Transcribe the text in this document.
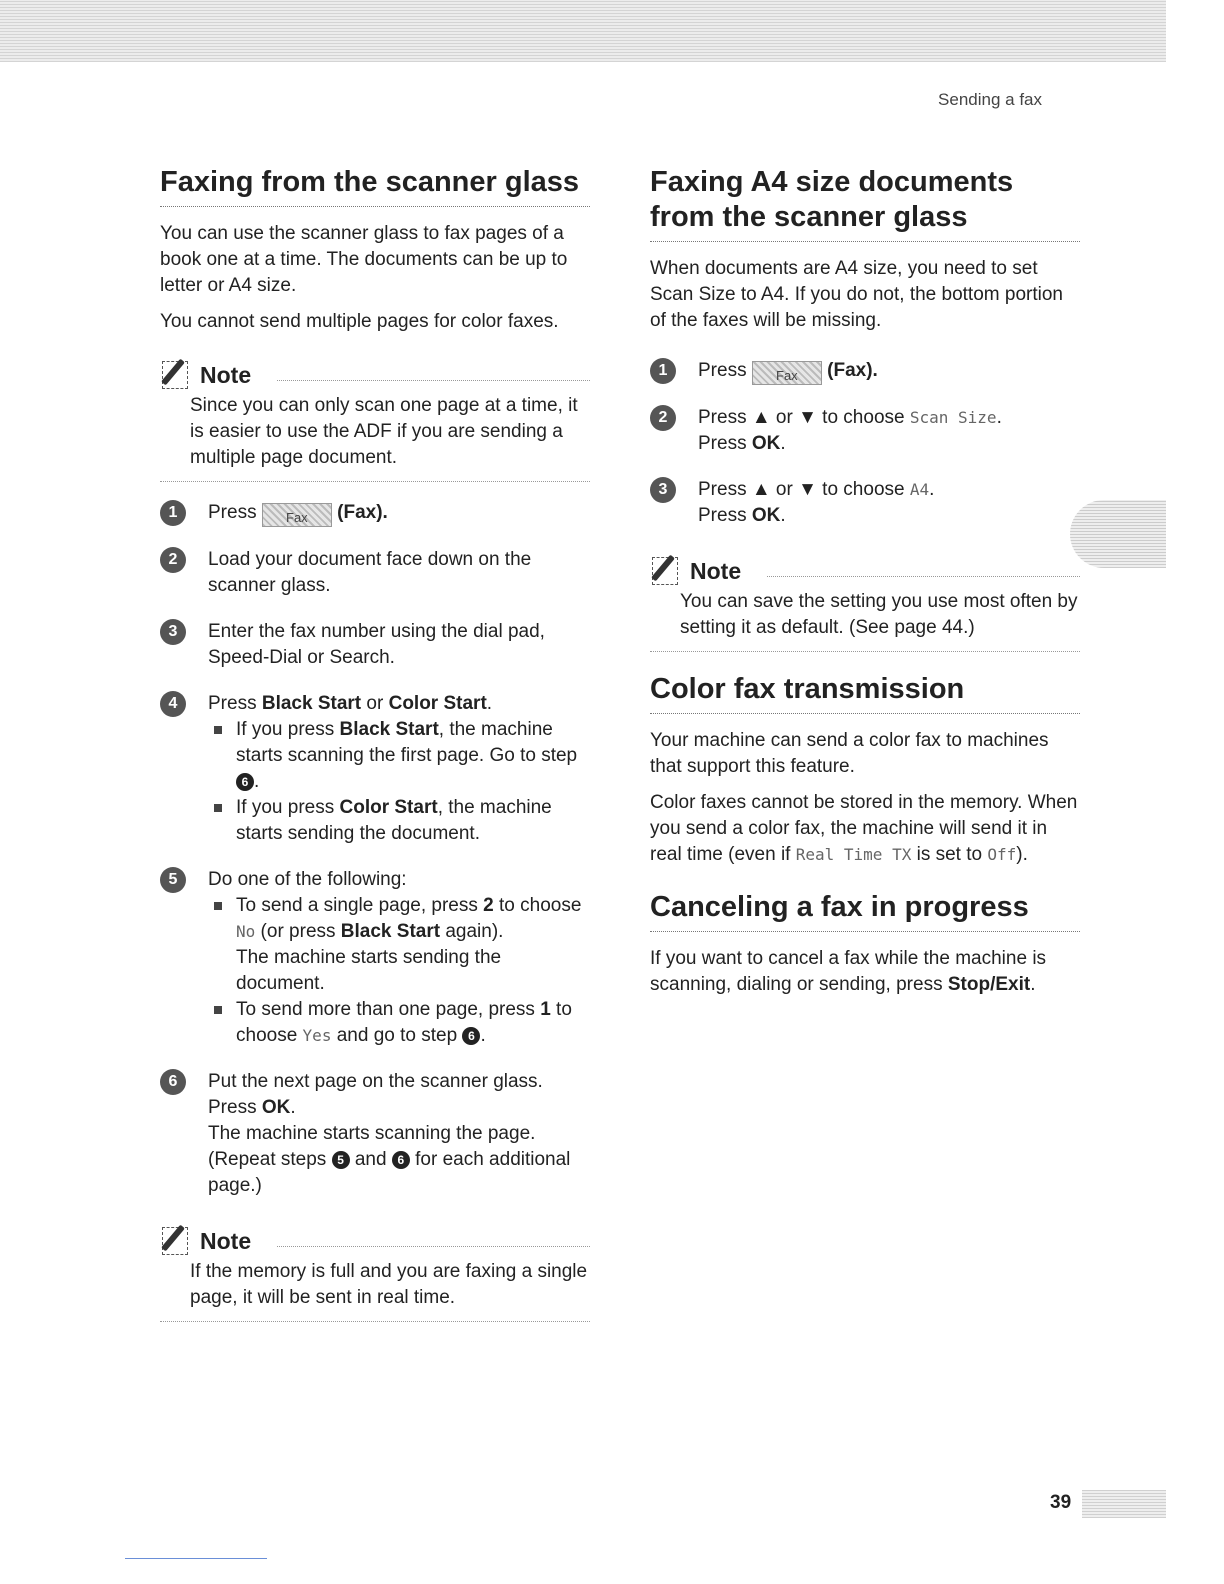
Sending a fax
Faxing from the scanner glass

You can use the scanner glass to fax pages of a book one at a time. The documents can be up to letter or A4 size.

You cannot send multiple pages for color faxes.

Note
Since you can only scan one page at a time, it is easier to use the ADF if you are sending a multiple page document.
1	Press Fax (Fax).
2	Load your document face down on the scanner glass.
3	Enter the fax number using the dial pad, Speed-Dial or Search.
4	Press Black Start or Color Start.
If you press Black Start, the machine starts scanning the first page. Go to step 6 .
If you press Color Start, the machine starts sending the document.
5	Do one of the following:
To send a single page, press 2 to choose No (or press Black Start again).
The machine starts sending the document.
To send more than one page, press 1 to choose Yes and go to step 6 .
6	Put the next page on the scanner glass.
Press OK.
The machine starts scanning the page.
(Repeat steps 5 and 6 for each additional page.)
Note
If the memory is full and you are faxing a single page, it will be sent in real time.
Faxing A4 size documents from the scanner glass

When documents are A4 size, you need to set Scan Size to A4. If you do not, the bottom portion of the faxes will be missing.

1	Press Fax (Fax).
2	Press ▲ or ▼ to choose Scan Size.
Press OK.
3	Press ▲ or ▼ to choose A4.
Press OK.
Note
You can save the setting you use most often by setting it as default. (See page 44.)
Color fax transmission

Your machine can send a color fax to machines that support this feature.

Color faxes cannot be stored in the memory. When you send a color fax, the machine will send it in real time (even if Real Time TX is set to Off).

Canceling a fax in progress

If you want to cancel a fax while the machine is scanning, dialing or sending, press Stop/Exit.

39
